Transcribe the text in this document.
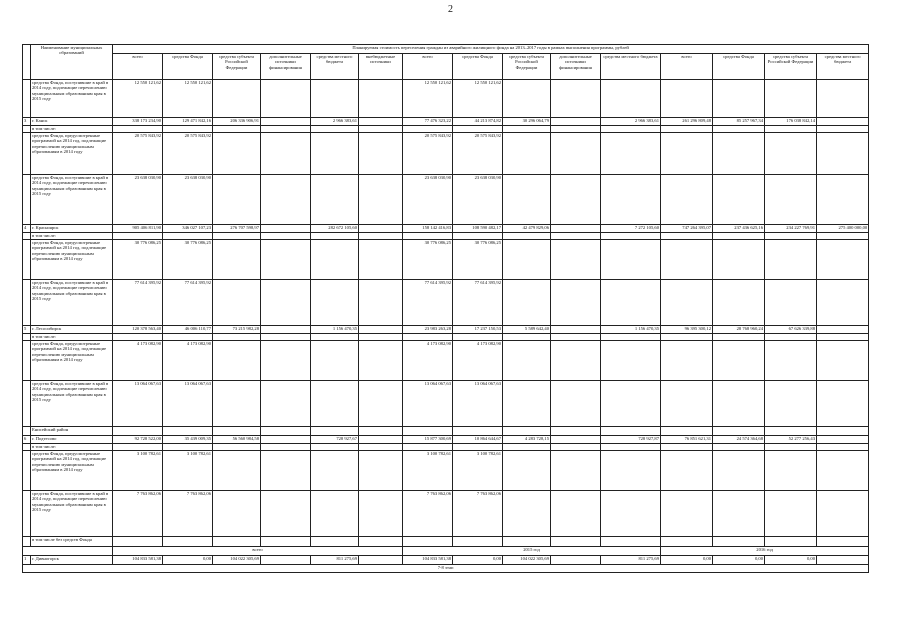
2
	Наименование муниципальных образований	Планируемая стоимость переселения граждан из аварийного жилищного фонда на 2013–2017 годы в рамках выполнения программы, рублей														
		всего	средства Фонда	средства субъекта Российской Федерации	дополнительные источники финансирования	средства местного бюджета	внебюджетные источники	всего	средства Фонда	средства субъекта Российской Федерации	дополнительные источники финансирования	средства местного бюджета	всего	средства Фонда	средства субъекта Российской Федерации	средства местного бюджета
	средства Фонда, поступившие в край в 2014 году, подлежащие перечислению муниципальным образованиям края в 2015 году	12 550 121,62	12 550 121,62					12 550 121,62	12 550 121,62							
3	г. Канск	338 173 234,90	129 471 842,16	206 336 906,91		2 966 383,61		77 476 323,22	44 213 874,82	30 296 064,79		2 966 383,61	261 296 809,48	85 257 967,34	176 038 842,14	
	в том числе:															
	средства Фонда, предусмотренные программой на 2014 год, подлежащие перечислению муниципальным образованиям в 2014 году	20 575 843,92	20 575 843,92					20 575 843,92	20 575 843,92							
	средства Фонда, поступившие в край в 2014 году, подлежащие перечислению муниципальным образованиям края в 2015 году	23 638 030,90	23 638 030,90					23 638 030,90	23 638 030,90							
4	г. Красноярск	905 406 811,90	346 027 107,23	276 707 598,97		282 672 105,60		158 142 416,83	108 590 482,17	42 479 829,06		7 272 105,60	747 264 395,07	237 436 625,16	234 227 769,91	275 400 000,00
	в том числе:															
	средства Фонда, предусмотренные программой на 2014 год, подлежащие перечислению муниципальным образованиям в 2014 году	30 776 086,25	30 776 086,25					30 776 086,25	30 776 086,25							
	средства Фонда, поступившие в край в 2014 году, подлежащие перечислению муниципальным образованиям края в 2015 году	77 614 395,92	77 614 395,92					77 614 395,92	77 614 395,92							
5	г. Лесосибирск	120 378 563,40	46 006 110,77	73 215 982,28		1 156 470,35		23 983 263,28	17 237 150,53	5 589 642,40		1 156 470,35	96 395 300,12	28 768 960,24	67 626 339,88	
	в том числе:															
	средства Фонда, предусмотренные программой на 2014 год, подлежащие перечислению муниципальным образованиям в 2014 году	4 173 082,90	4 173 082,90					4 173 082,90	4 173 082,90							
	средства Фонда, поступившие в край в 2014 году, подлежащие перечислению муниципальным образованиям края в 2015 году	13 064 067,63	13 064 067,63					13 064 067,63	13 064 067,63							
	Енисейский район															
6	г. Подтесово	92 728 522,00	35 439 009,35	56 560 984,58		728 927,67		15 877 300,69	10 864 644,67	4 283 728,15		728 927,87	76 851 621,31	24 574 364,68	52 277 256,43	
	в том числе:															
	средства Фонда, предусмотренные программой на 2014 год, подлежащие перечислению муниципальным образованиям в 2014 году	3 100 782,61	3 100 782,61					3 100 782,61	3 100 782,61							
	средства Фонда, поступившие в край в 2014 году, подлежащие перечислению муниципальным образованиям края в 2015 году	7 763 862,06	7 763 862,06					7 763 862,06	7 763 862,06							
	в том числе без средств Фонда															
		всего						2015 год					2016 год			
1	г. Дивногорск	104 833 581,38	0,00	104 022 305,69		811 275,69		104 833 581,38	0,00	104 022 305,69		811 275,69	0,00	0,00	0,00	
7-8 этап																
